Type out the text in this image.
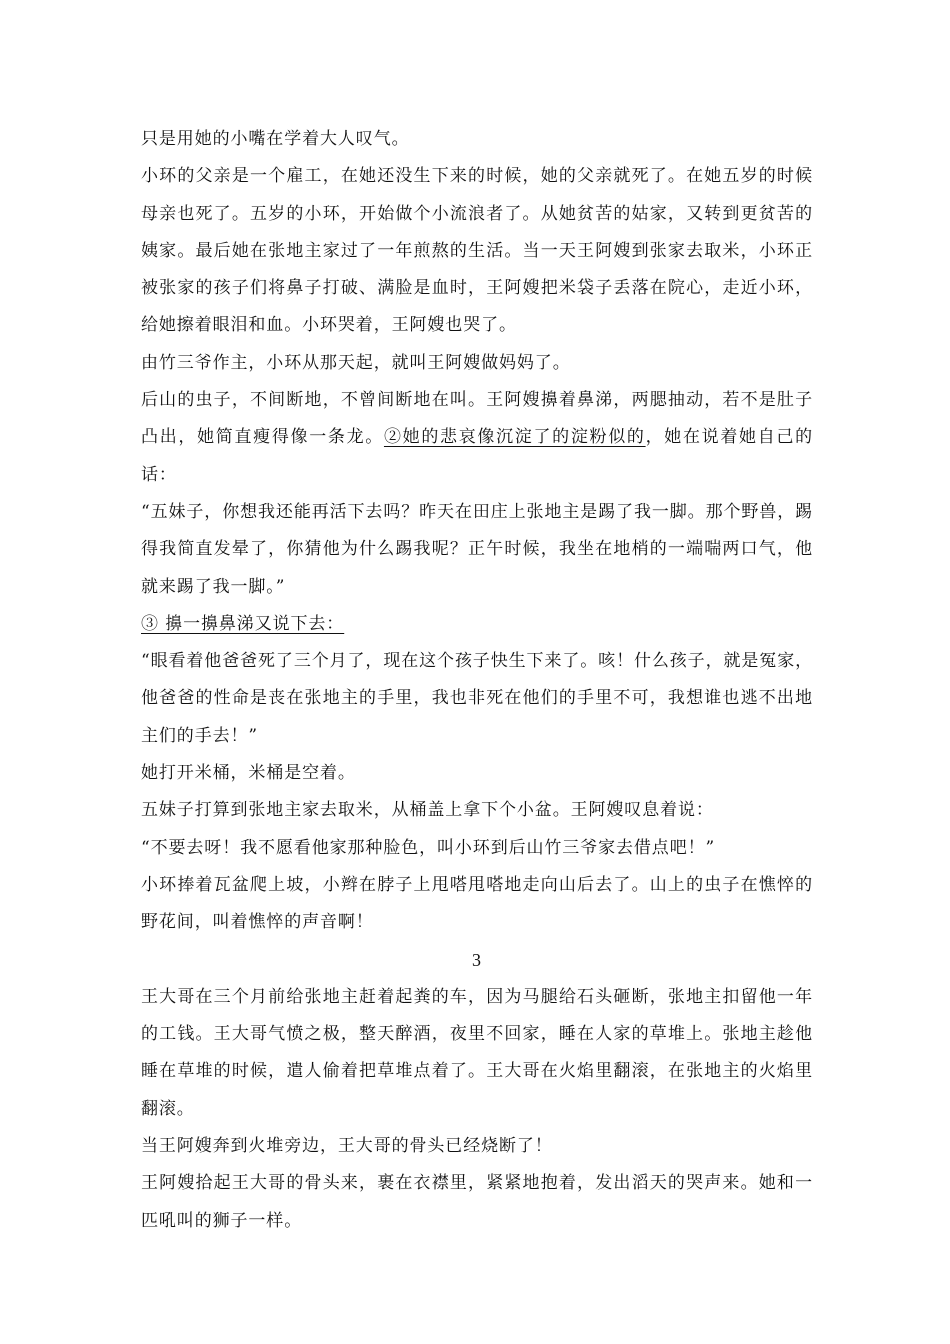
只是用她的小嘴在学着大人叹气。

小环的父亲是一个雇工，在她还没生下来的时候，她的父亲就死了。在她五岁的时候母亲也死了。五岁的小环，开始做个小流浪者了。从她贫苦的姑家，又转到更贫苦的姨家。最后她在张地主家过了一年煎熬的生活。当一天王阿嫂到张家去取米，小环正被张家的孩子们将鼻子打破、满脸是血时，王阿嫂把米袋子丢落在院心，走近小环，给她擦着眼泪和血。小环哭着，王阿嫂也哭了。

由竹三爷作主，小环从那天起，就叫王阿嫂做妈妈了。

后山的虫子，不间断地，不曾间断地在叫。王阿嫂擤着鼻涕，两腮抽动，若不是肚子凸出，她简直瘦得像一条龙。②她的悲哀像沉淀了的淀粉似的，她在说着她自己的话：

“五妹子，你想我还能再活下去吗？昨天在田庄上张地主是踢了我一脚。那个野兽，踢得我简直发晕了，你猜他为什么踢我呢？正午时候，我坐在地梢的一端喘两口气，他就来踢了我一脚。”

③ 擤一擤鼻涕又说下去：

“眼看着他爸爸死了三个月了，现在这个孩子快生下来了。咳！什么孩子，就是冤家，他爸爸的性命是丧在张地主的手里，我也非死在他们的手里不可，我想谁也逃不出地主们的手去！”

她打开米桶，米桶是空着。

五妹子打算到张地主家去取米，从桶盖上拿下个小盆。王阿嫂叹息着说：

“不要去呀！我不愿看他家那种脸色，叫小环到后山竹三爷家去借点吧！”

小环捧着瓦盆爬上坡，小辫在脖子上甩嗒甩嗒地走向山后去了。山上的虫子在憔悴的野花间，叫着憔悴的声音啊！

3

王大哥在三个月前给张地主赶着起粪的车，因为马腿给石头砸断，张地主扣留他一年的工钱。王大哥气愤之极，整天醉酒，夜里不回家，睡在人家的草堆上。张地主趁他睡在草堆的时候，遣人偷着把草堆点着了。王大哥在火焰里翻滚，在张地主的火焰里翻滚。

当王阿嫂奔到火堆旁边，王大哥的骨头已经烧断了！

王阿嫂拾起王大哥的骨头来，裹在衣襟里，紧紧地抱着，发出滔天的哭声来。她和一匹吼叫的狮子一样。
